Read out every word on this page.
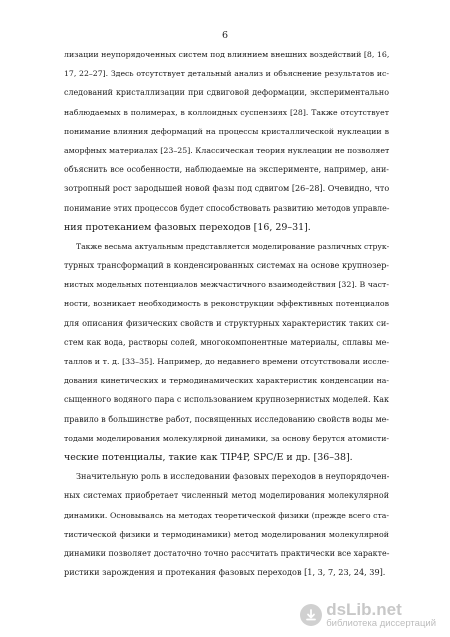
6
лизации неупорядоченных систем под влиянием внешних воздействий [8, 16,
17, 22–27]. Здесь отсутствует детальный анализ и объяснение результатов ис-
следований кристаллизации при сдвиговой деформации, экспериментально
наблюдаемых в полимерах, в коллоидных суспензиях [28]. Также отсутствует
понимание влияния деформаций на процессы кристаллической нуклеации в
аморфных материалах [23–25]. Классическая теория нуклеации не позволяет
объяснить все особенности, наблюдаемые на эксперименте, например, ани-
зотропный рост зародышей новой фазы под сдвигом [26–28]. Очевидно, что
понимание этих процессов будет способствовать развитию методов управле-
ния протеканием фазовых переходов [16, 29–31].
Также весьма актуальным представляется моделирование различных струк-
турных трансформаций в конденсированных системах на основе крупнозер-
нистых модельных потенциалов межчастичного взаимодействия [32]. В част-
ности, возникает необходимость в реконструкции эффективных потенциалов
для описания физических свойств и структурных характеристик таких си-
стем как вода, растворы солей, многокомпонентные материалы, сплавы ме-
таллов и т. д. [33–35]. Например, до недавнего времени отсутствовали иссле-
дования кинетических и термодинамических характеристик конденсации на-
сыщенного водяного пара с использованием крупнозернистых моделей. Как
правило в большинстве работ, посвященных исследованию свойств воды ме-
тодами моделирования молекулярной динамики, за основу берутся атомисти-
ческие потенциалы, такие как TIP4P, SPC/E и др. [36–38].
Значительную роль в исследовании фазовых переходов в неупорядочен-
ных системах приобретает численный метод моделирования молекулярной
динамики. Основываясь на методах теоретической физики (прежде всего ста-
тистической физики и термодинамики) метод моделирования молекулярной
динамики позволяет достаточно точно рассчитать практически все характе-
ристики зарождения и протекания фазовых переходов [1, 3, 7, 23, 24, 39].
dsLib.net
библиотека диссертаций
